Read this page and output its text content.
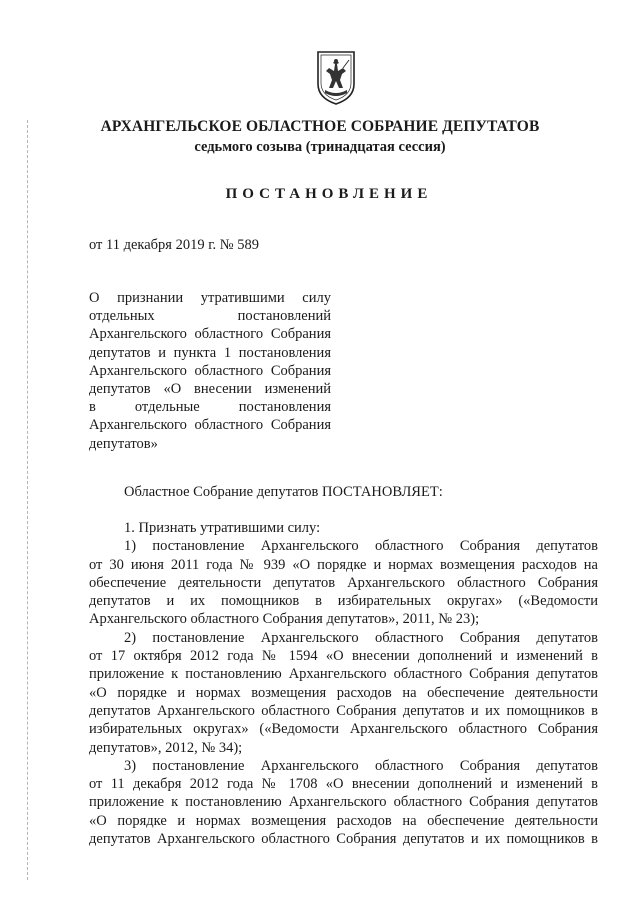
АРХАНГЕЛЬСКОЕ ОБЛАСТНОЕ СОБРАНИЕ ДЕПУТАТОВ
седьмого созыва (тринадцатая сессия)
ПОСТАНОВЛЕНИЕ
от 11 декабря 2019 г. № 589
О признании утратившими силу
отдельных постановлений
Архангельского областного Собрания
депутатов и пункта 1 постановления
Архангельского областного Собрания
депутатов «О внесении изменений
в отдельные постановления
Архангельского областного Собрания
депутатов»
Областное Собрание депутатов ПОСТАНОВЛЯЕТ:
1. Признать утратившими силу:
1) постановление Архангельского областного Собрания депутатов
от 30 июня 2011 года № 939 «О порядке и нормах возмещения расходов на
обеспечение деятельности депутатов Архангельского областного Собрания
депутатов и их помощников в избирательных округах» («Ведомости
Архангельского областного Собрания депутатов», 2011, № 23);
2) постановление Архангельского областного Собрания депутатов
от 17 октября 2012 года № 1594 «О внесении дополнений и изменений в
приложение к постановлению Архангельского областного Собрания депутатов
«О порядке и нормах возмещения расходов на обеспечение деятельности
депутатов Архангельского областного Собрания депутатов и их помощников в
избирательных округах» («Ведомости Архангельского областного Собрания
депутатов», 2012, № 34);
3) постановление Архангельского областного Собрания депутатов
от 11 декабря 2012 года № 1708 «О внесении дополнений и изменений в
приложение к постановлению Архангельского областного Собрания депутатов
«О порядке и нормах возмещения расходов на обеспечение деятельности
депутатов Архангельского областного Собрания депутатов и их помощников в
